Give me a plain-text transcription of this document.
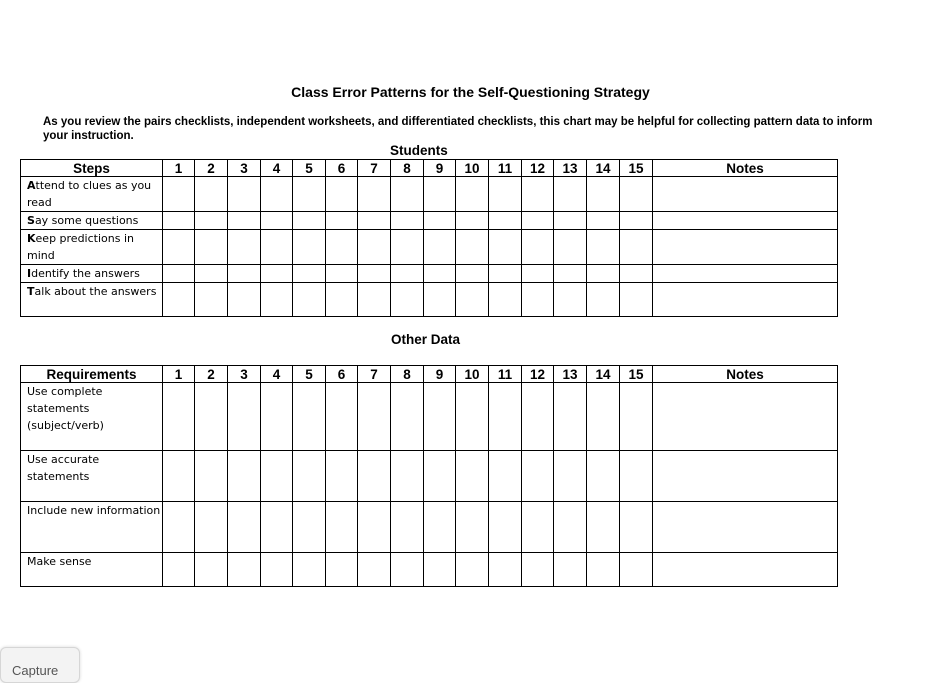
Class Error Patterns for the Self-Questioning Strategy
As you review the pairs checklists, independent worksheets, and differentiated checklists, this chart may be helpful for collecting pattern data to inform your instruction.
Students
Steps	1	2	3	4	5	6	7	8	9	10	11	12	13	14	15	Notes
Attend to clues as you read																
Say some questions																
Keep predictions in mind																
Identify the answers																
Talk about the answers																
Other Data
Requirements	1	2	3	4	5	6	7	8	9	10	11	12	13	14	15	Notes
Use complete statements (subject/verb)																
Use accurate statements																
Include new information																
Make sense																
Capture
